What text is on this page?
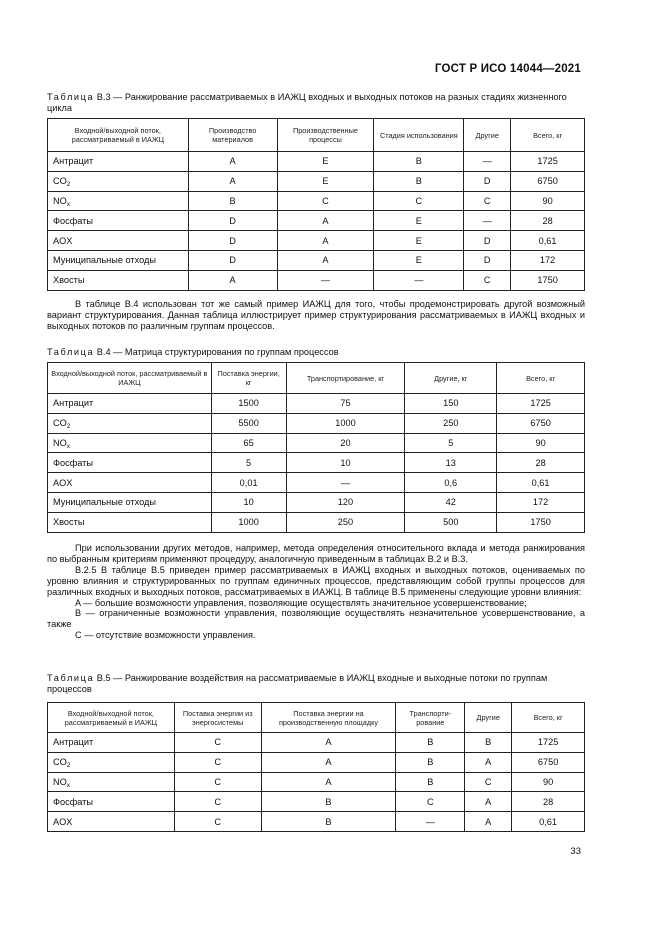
ГОСТ Р ИСО 14044—2021
Таблица В.3 — Ранжирование рассматриваемых в ИАЖЦ входных и выходных потоков на разных стадиях жизненного цикла
Входной/выходной поток, рассматриваемый в ИАЖЦ	Производство материалов	Производственные процессы	Стадия использования	Другие	Всего, кг
Антрацит	A	E	B	—	1725
$CO_2$	A	E	B	D	6750
$NO_x$	B	C	C	C	90
Фосфаты	D	A	E	—	28
AOX	D	A	E	D	0,61
Муниципальные отходы	D	A	E	D	172
Хвосты	A	—	—	C	1750

В таблице В.4 использован тот же самый пример ИАЖЦ для того, чтобы продемонстрировать другой возможный вариант структурирования. Данная таблица иллюстрирует пример структурирования рассматриваемых в ИАЖЦ входных и выходных потоков по различным группам процессов.

Таблица В.4 — Матрица структурирования по группам процессов
Входной/выходной поток, рассматриваемый в ИАЖЦ	Поставка энергии, кг	Транспортирование, кг	Другие, кг	Всего, кг
Антрацит	1500	75	150	1725
$CO_2$	5500	1000	250	6750
$NO_x$	65	20	5	90
Фосфаты	5	10	13	28
AOX	0,01	—	0,6	0,61
Муниципальные отходы	10	120	42	172
Хвосты	1000	250	500	1750

При использовании других методов, например, метода определения относительного вклада и метода ранжирования по выбранным критериям применяют процедуру, аналогичную приведенным в таблицах В.2 и В.3.

В.2.5 В таблице В.5 приведен пример рассматриваемых в ИАЖЦ входных и выходных потоков, оцениваемых по уровню влияния и структурированных по группам единичных процессов, представляющим собой группы процессов для различных входных и выходных потоков, рассматриваемых в ИАЖЦ. В таблице В.5 применены следующие уровни влияния:

A — большие возможности управления, позволяющие осуществлять значительное усовершенствование;

B — ограниченные возможности управления, позволяющие осуществлять незначительное усовершенствование, а также

C — отсутствие возможности управления.

Таблица В.5 — Ранжирование воздействия на рассматриваемые в ИАЖЦ входные и выходные потоки по группам процессов
Входной/выходной поток, рассматриваемый в ИАЖЦ	Поставка энергии из энергосистемы	Поставка энергии на производственную площадку	Транспорти-рование	Другие	Всего, кг
Антрацит	C	A	B	B	1725
$CO_2$	C	A	B	A	6750
$NO_x$	C	A	B	C	90
Фосфаты	C	B	C	A	28
AOX	C	B	—	A	0,61
33
